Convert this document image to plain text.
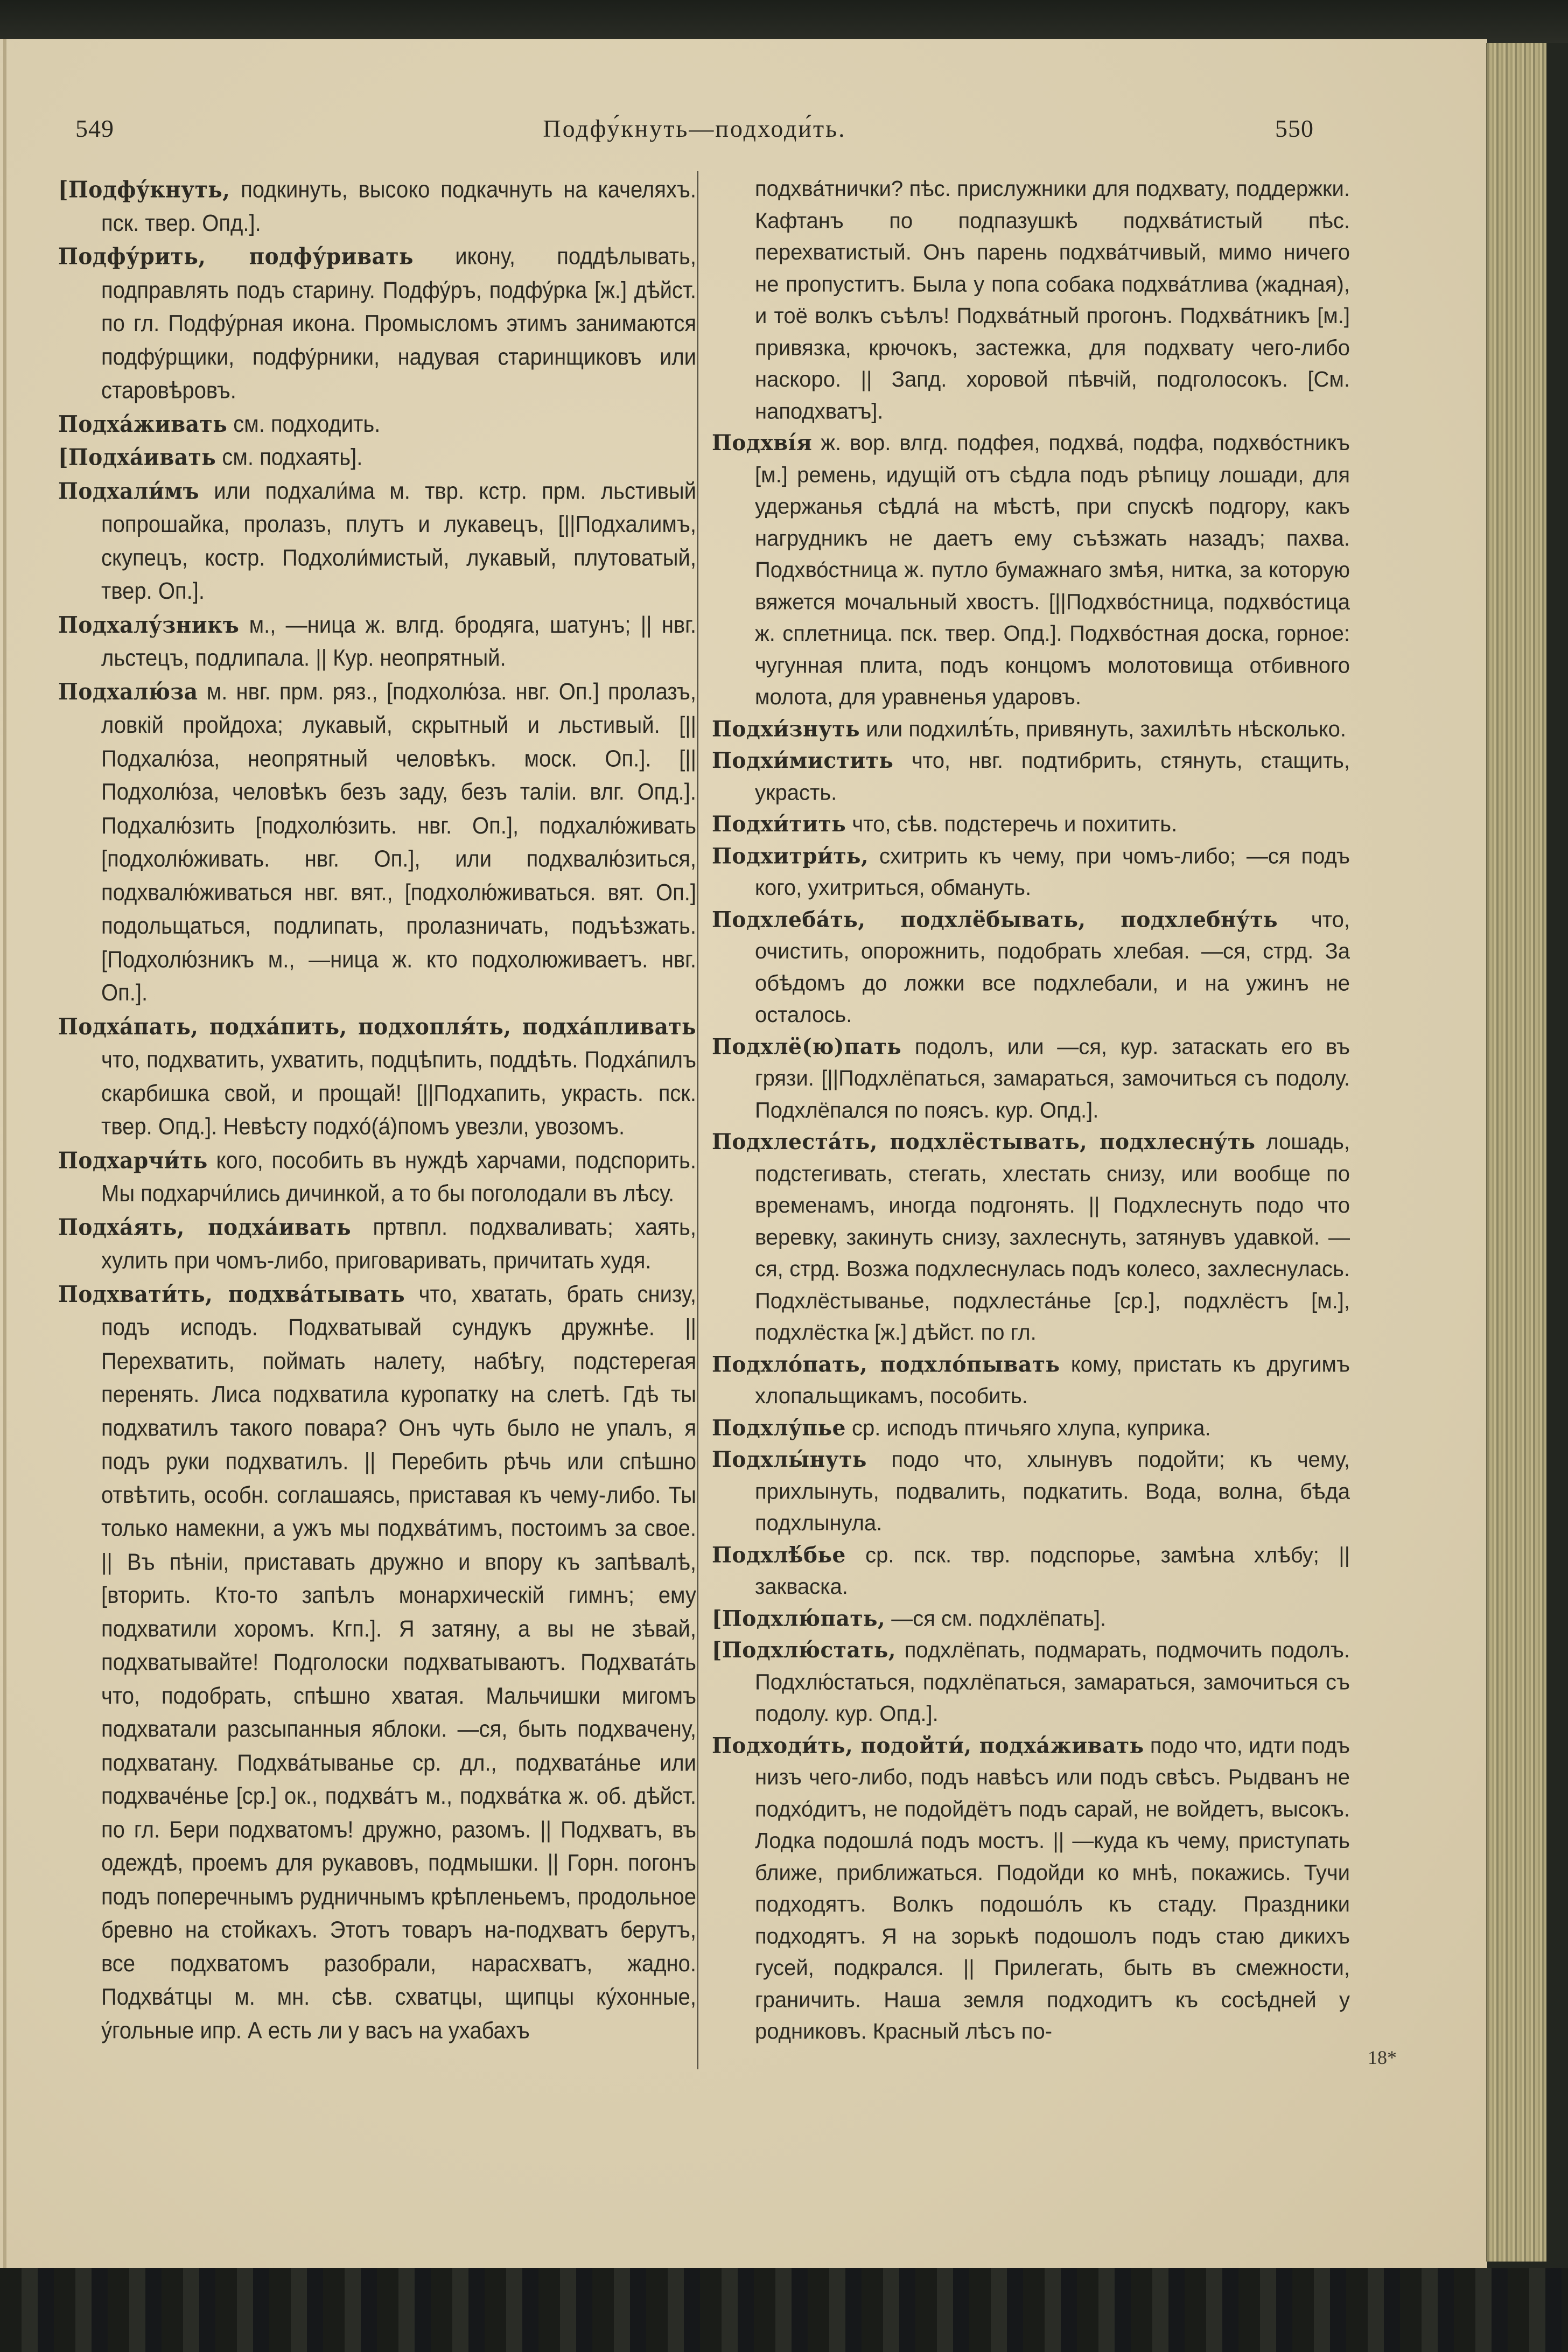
549	Подфу́кнуть—подходи́ть.	550

[Подфу́кнуть, подкинуть, высоко подкачнуть на качеляхъ. пск. твер. Опд.].

Подфу́рить, подфу́ривать икону, поддѣлывать, подправлять подъ старину. Подфу́ръ, подфу́рка [ж.] дѣйст. по гл. Подфу́рная икона. Промысломъ этимъ занимаются подфу́рщики, подфу́рники, надувая старинщиковъ или старовѣровъ.

Подха́живать см. подходить.

[Подха́ивать см. подхаять].

Подхали́мъ или подхали́ма м. твр. кстр. прм. льстивый попрошайка, пролазъ, плутъ и лукавецъ, [||Подхалимъ, скупецъ, костр. Подхоли́мистый, лукавый, плутоватый, твер. Оп.].

Подхалу́зникъ м., —ница ж. влгд. бродяга, шатунъ; || нвг. льстецъ, подлипала. || Кур. неопрятный.

Подхалю́за м. нвг. прм. ряз., [подхолю́за. нвг. Оп.] пролазъ, ловкій пройдоха; лукавый, скрытный и льстивый. [||Подхалю́за, неопрятный человѣкъ. моск. Оп.]. [||Подхолю́за, человѣкъ безъ заду, безъ таліи. влг. Опд.]. Подхалю́зить [подхолю́зить. нвг. Оп.], подхалю́живать [подхолю́живать. нвг. Оп.], или подхвалю́зиться, подхвалю́живаться нвг. вят., [подхолю́живаться. вят. Оп.] подольщаться, подлипать, пролазничать, подъѣзжать. [Подхолю́зникъ м., —ница ж. кто подхолюживаетъ. нвг. Оп.].

Подха́пать, подха́пить, подхопля́ть, подха́пливать что, подхватить, ухватить, подцѣпить, поддѣть. Подха́пилъ скарбишка свой, и прощай! [||Подхапить, украсть. пск. твер. Опд.]. Невѣсту подхо́(а́)помъ увезли, увозомъ.

Подхарчи́ть кого, пособить въ нуждѣ харчами, подспорить. Мы подхарчи́лись дичинкой, а то бы поголодали въ лѣсу.

Подха́ять, подха́ивать пртвпл. подхваливать; хаять, хулить при чомъ-либо, приговаривать, причитать худя.

Подхвати́ть, подхва́тывать что, хватать, брать снизу, подъ исподъ. Подхватывай сундукъ дружнѣе. || Перехватить, поймать налету, набѣгу, подстерегая перенять. Лиса подхватила куропатку на слетѣ. Гдѣ ты подхватилъ такого повара? Онъ чуть было не упалъ, я подъ руки подхватилъ. || Перебить рѣчь или спѣшно отвѣтить, особн. соглашаясь, приставая къ чему-либо. Ты только намекни, а ужъ мы подхва́тимъ, постоимъ за свое. || Въ пѣніи, приставать дружно и впору къ запѣвалѣ, [вторить. Кто-то запѣлъ монархическій гимнъ; ему подхватили хоромъ. Кгп.]. Я затяну, а вы не зѣвай, подхватывайте! Подголоски подхватываютъ. Подхвата́ть что, подобрать, спѣшно хватая. Мальчишки мигомъ подхватали разсыпанныя яблоки. —ся, быть подхвачену, подхватану. Подхва́тыванье ср. дл., подхвата́нье или подхваче́нье [ср.] ок., подхва́тъ м., подхва́тка ж. об. дѣйст. по гл. Бери подхватомъ! дружно, разомъ. || Подхватъ, въ одеждѣ, проемъ для рукавовъ, подмышки. || Горн. погонъ подъ поперечнымъ рудничнымъ крѣпленьемъ, продольное бревно на стойкахъ. Этотъ товаръ на-подхватъ берутъ, все подхватомъ разобрали, нарасхватъ, жадно. Подхва́тцы м. мн. сѣв. схватцы, щипцы ку́хонные, у́гольные ипр. А есть ли у васъ на ухабахъ

подхва́тнички? пѣс. прислужники для подхвату, поддержки. Кафтанъ по подпазушкѣ подхва́тистый пѣс. перехватистый. Онъ парень подхва́тчивый, мимо ничего не пропуститъ. Была у попа собака подхва́тлива (жадная), и тоё волкъ съѣлъ! Подхва́тный прогонъ. Подхва́тникъ [м.] привязка, крючокъ, застежка, для подхвату чего-либо наскоро. || Запд. хоровой пѣвчій, подголосокъ. [См. наподхватъ].

Подхві́я ж. вор. влгд. подфея, подхва́, подфа, подхво́стникъ [м.] ремень, идущій отъ сѣдла подъ рѣпицу лошади, для удержанья сѣдла́ на мѣстѣ, при спускѣ подгору, какъ нагрудникъ не даетъ ему съѣзжать назадъ; пахва. Подхво́стница ж. путло бумажнаго змѣя, нитка, за которую вяжется мочальный хвостъ. [||Подхво́стница, подхво́стица ж. сплетница. пск. твер. Опд.]. Подхво́стная доска, горное: чугунная плита, подъ концомъ молотовища отбивного молота, для уравненья ударовъ.

Подхи́знуть или подхилѣ́ть, привянуть, захилѣть нѣсколько.

Подхи́мистить что, нвг. подтибрить, стянуть, стащить, украсть.

Подхи́тить что, сѣв. подстеречь и похитить.

Подхитри́ть, схитрить къ чему, при чомъ-либо; —ся подъ кого, ухитриться, обмануть.

Подхлеба́ть, подхлёбывать, подхлебну́ть что, очистить, опорожнить, подобрать хлебая. —ся, стрд. За обѣдомъ до ложки все подхлебали, и на ужинъ не осталось.

Подхлё(ю)пать подолъ, или —ся, кур. затаскать его въ грязи. [||Подхлёпаться, замараться, замочиться съ подолу. Подхлёпался по поясъ. кур. Опд.].

Подхлеста́ть, подхлёстывать, подхлесну́ть лошадь, подстегивать, стегать, хлестать снизу, или вообще по временамъ, иногда подгонять. || Подхлеснуть подо что веревку, закинуть снизу, захлеснуть, затянувъ удавкой. —ся, стрд. Возжа подхлеснулась подъ колесо, захлеснулась. Подхлёстыванье, подхлеста́нье [ср.], подхлёстъ [м.], подхлёстка [ж.] дѣйст. по гл.

Подхло́пать, подхло́пывать кому, пристать къ другимъ хлопальщикамъ, пособить.

Подхлу́пье ср. исподъ птичьяго хлупа, куприка.

Подхлы́нуть подо что, хлынувъ подойти; къ чему, прихлынуть, подвалить, подкатить. Вода, волна, бѣда подхлынула.

Подхлѣ́бье ср. пск. твр. подспорье, замѣна хлѣбу; || закваска.

[Подхлю́пать, —ся см. подхлёпать].

[Подхлю́стать, подхлёпать, подмарать, подмочить подолъ. Подхлю́статься, подхлёпаться, замараться, замочиться съ подолу. кур. Опд.].

Подходи́ть, подойти́, подха́живать подо что, идти подъ низъ чего-либо, подъ навѣсъ или подъ свѣсъ. Рыдванъ не подхо́дитъ, не подойдётъ подъ сарай, не войдетъ, высокъ. Лодка подошла́ подъ мостъ. || —куда къ чему, приступать ближе, приближаться. Подойди ко мнѣ, покажись. Тучи подходятъ. Волкъ подошо́лъ къ стаду. Праздники подходятъ. Я на зорькѣ подошолъ подъ стаю дикихъ гусей, подкрался. || Прилегать, быть въ смежности, граничить. Наша земля подходитъ къ сосѣдней у родниковъ. Красный лѣсъ по-

18*
